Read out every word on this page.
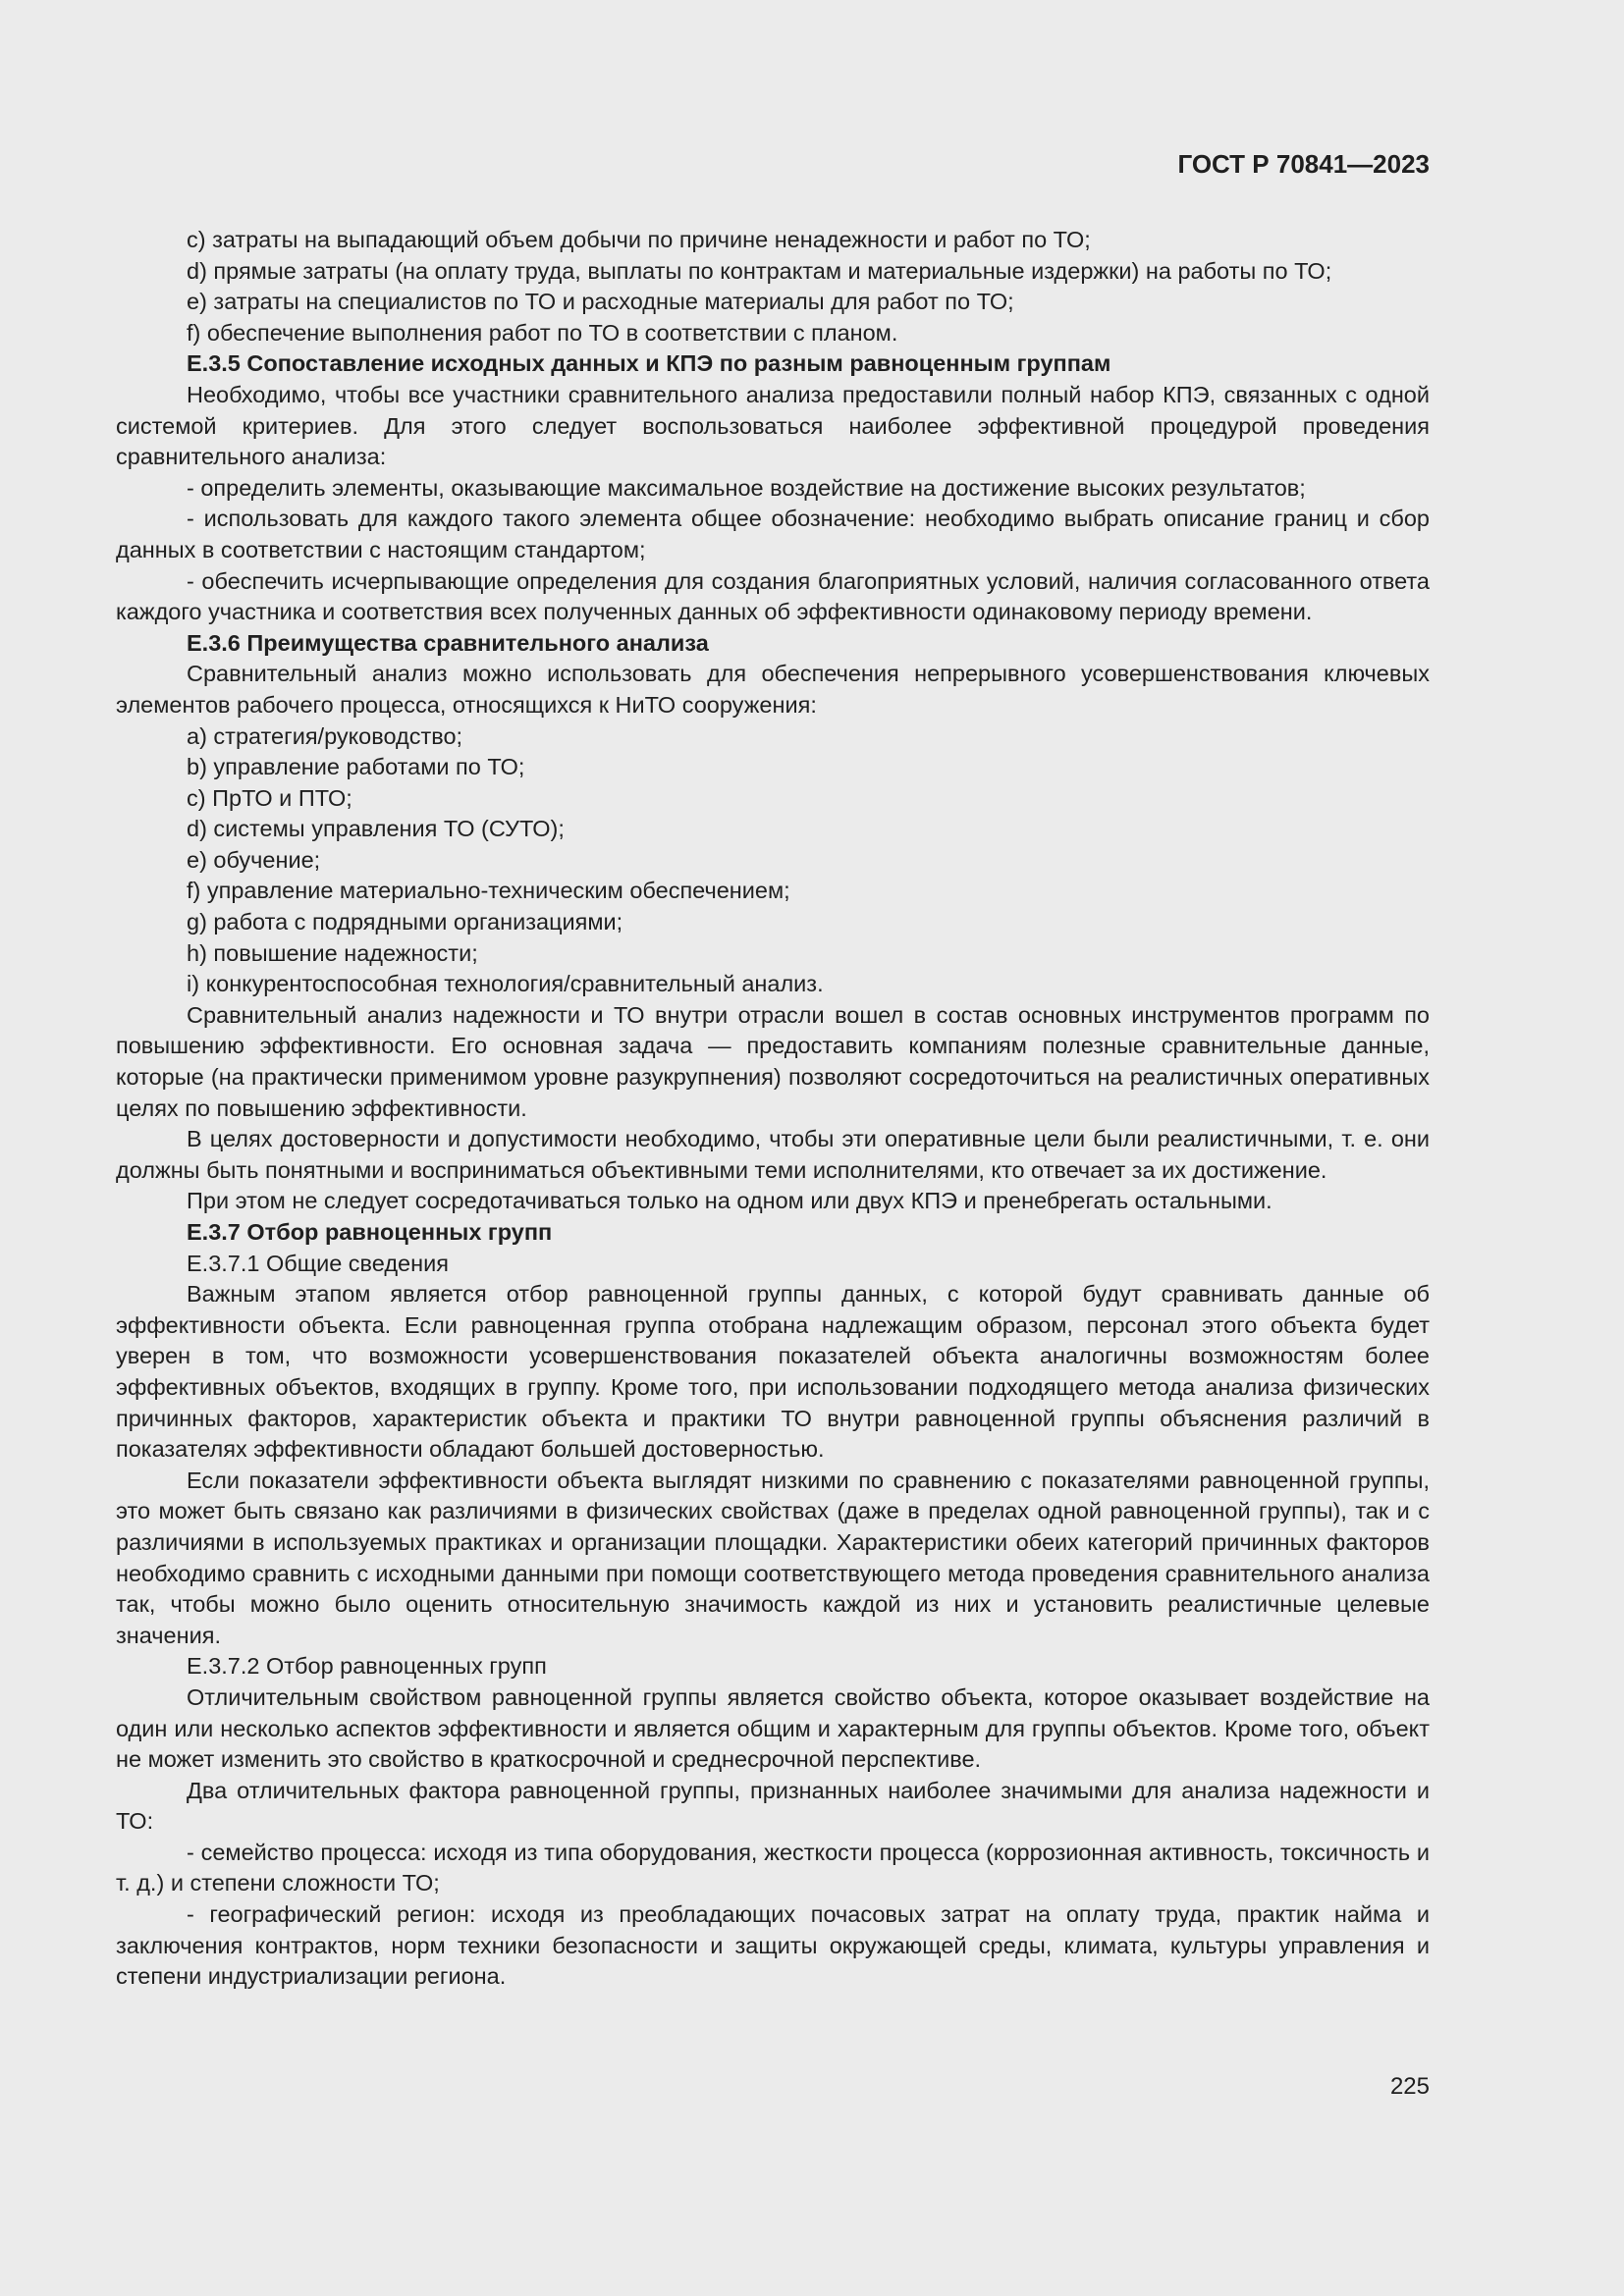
ГОСТ Р 70841—2023

c) затраты на выпадающий объем добычи по причине ненадежности и работ по ТО;

d) прямые затраты (на оплату труда, выплаты по контрактам и материальные издержки) на работы по ТО;

e) затраты на специалистов по ТО и расходные материалы для работ по ТО;

f) обеспечение выполнения работ по ТО в соответствии с планом.

Е.3.5 Сопоставление исходных данных и КПЭ по разным равноценным группам

Необходимо, чтобы все участники сравнительного анализа предоставили полный набор КПЭ, связанных с одной системой критериев. Для этого следует воспользоваться наиболее эффективной процедурой проведения сравнительного анализа:

- определить элементы, оказывающие максимальное воздействие на достижение высоких результатов;

- использовать для каждого такого элемента общее обозначение: необходимо выбрать описание границ и сбор данных в соответствии с настоящим стандартом;

- обеспечить исчерпывающие определения для создания благоприятных условий, наличия согласованного ответа каждого участника и соответствия всех полученных данных об эффективности одинаковому периоду времени.

Е.3.6 Преимущества сравнительного анализа

Сравнительный анализ можно использовать для обеспечения непрерывного усовершенствования ключевых элементов рабочего процесса, относящихся к НиТО сооружения:

a) стратегия/руководство;

b) управление работами по ТО;

c) ПрТО и ПТО;

d) системы управления ТО (СУТО);

e) обучение;

f) управление материально-техническим обеспечением;

g) работа с подрядными организациями;

h) повышение надежности;

i) конкурентоспособная технология/сравнительный анализ.

Сравнительный анализ надежности и ТО внутри отрасли вошел в состав основных инструментов программ по повышению эффективности. Его основная задача — предоставить компаниям полезные сравнительные данные, которые (на практически применимом уровне разукрупнения) позволяют сосредоточиться на реалистичных оперативных целях по повышению эффективности.

В целях достоверности и допустимости необходимо, чтобы эти оперативные цели были реалистичными, т. е. они должны быть понятными и восприниматься объективными теми исполнителями, кто отвечает за их достижение.

При этом не следует сосредотачиваться только на одном или двух КПЭ и пренебрегать остальными.

Е.3.7 Отбор равноценных групп

Е.3.7.1 Общие сведения

Важным этапом является отбор равноценной группы данных, с которой будут сравнивать данные об эффективности объекта. Если равноценная группа отобрана надлежащим образом, персонал этого объекта будет уверен в том, что возможности усовершенствования показателей объекта аналогичны возможностям более эффективных объектов, входящих в группу. Кроме того, при использовании подходящего метода анализа физических причинных факторов, характеристик объекта и практики ТО внутри равноценной группы объяснения различий в показателях эффективности обладают большей достоверностью.

Если показатели эффективности объекта выглядят низкими по сравнению с показателями равноценной группы, это может быть связано как различиями в физических свойствах (даже в пределах одной равноценной группы), так и с различиями в используемых практиках и организации площадки. Характеристики обеих категорий причинных факторов необходимо сравнить с исходными данными при помощи соответствующего метода проведения сравнительного анализа так, чтобы можно было оценить относительную значимость каждой из них и установить реалистичные целевые значения.

Е.3.7.2 Отбор равноценных групп

Отличительным свойством равноценной группы является свойство объекта, которое оказывает воздействие на один или несколько аспектов эффективности и является общим и характерным для группы объектов. Кроме того, объект не может изменить это свойство в краткосрочной и среднесрочной перспективе.

Два отличительных фактора равноценной группы, признанных наиболее значимыми для анализа надежности и ТО:

- семейство процесса: исходя из типа оборудования, жесткости процесса (коррозионная активность, токсичность и т. д.) и степени сложности ТО;

- географический регион: исходя из преобладающих почасовых затрат на оплату труда, практик найма и заключения контрактов, норм техники безопасности и защиты окружающей среды, климата, культуры управления и степени индустриализации региона.

225
